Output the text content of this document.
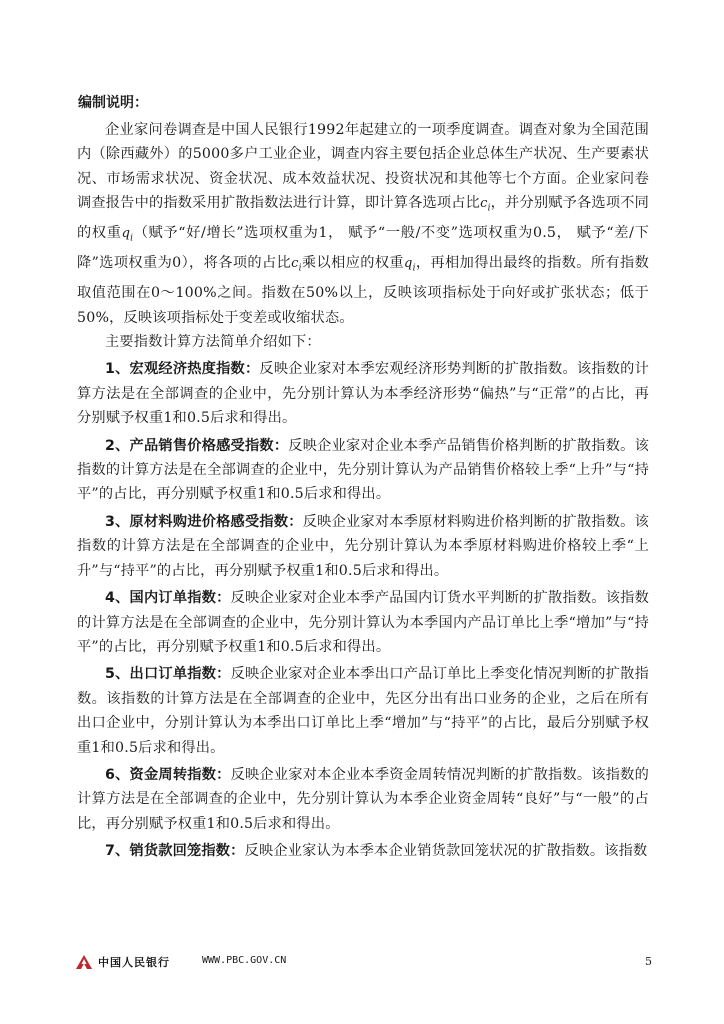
编制说明：

企业家问卷调查是中国人民银行1992年起建立的一项季度调查。调查对象为全国范围内（除西藏外）的5000多户工业企业，调查内容主要包括企业总体生产状况、生产要素状况、市场需求状况、资金状况、成本效益状况、投资状况和其他等七个方面。企业家问卷调查报告中的指数采用扩散指数法进行计算，即计算各选项占比$c_i$，并分别赋予各选项不同的权重$q_i$（赋予“好/增长”选项权重为1， 赋予“一般/不变”选项权重为0.5， 赋予“差/下降”选项权重为0），将各项的占比$c_i$乘以相应的权重$q_i$，再相加得出最终的指数。所有指数取值范围在0～100%之间。指数在50%以上，反映该项指标处于向好或扩张状态；低于50%，反映该项指标处于变差或收缩状态。

主要指数计算方法简单介绍如下：

1、宏观经济热度指数：反映企业家对本季宏观经济形势判断的扩散指数。该指数的计算方法是在全部调查的企业中，先分别计算认为本季经济形势“偏热”与“正常”的占比，再分别赋予权重1和0.5后求和得出。

2、产品销售价格感受指数：反映企业家对企业本季产品销售价格判断的扩散指数。该指数的计算方法是在全部调查的企业中，先分别计算认为产品销售价格较上季“上升”与“持平”的占比，再分别赋予权重1和0.5后求和得出。

3、原材料购进价格感受指数：反映企业家对本季原材料购进价格判断的扩散指数。该指数的计算方法是在全部调查的企业中，先分别计算认为本季原材料购进价格较上季“上升”与“持平”的占比，再分别赋予权重1和0.5后求和得出。

4、国内订单指数：反映企业家对企业本季产品国内订货水平判断的扩散指数。该指数的计算方法是在全部调查的企业中，先分别计算认为本季国内产品订单比上季“增加”与“持平”的占比，再分别赋予权重1和0.5后求和得出。

5、出口订单指数：反映企业家对企业本季出口产品订单比上季变化情况判断的扩散指数。该指数的计算方法是在全部调查的企业中，先区分出有出口业务的企业，之后在所有出口企业中，分别计算认为本季出口订单比上季“增加”与“持平”的占比，最后分别赋予权重1和0.5后求和得出。

6、资金周转指数：反映企业家对本企业本季资金周转情况判断的扩散指数。该指数的计算方法是在全部调查的企业中，先分别计算认为本季企业资金周转“良好”与“一般”的占比，再分别赋予权重1和0.5后求和得出。

7、销货款回笼指数：反映企业家认为本季本企业销货款回笼状况的扩散指数。该指数

中国人民银行	WWW.PBC.GOV.CN	5
